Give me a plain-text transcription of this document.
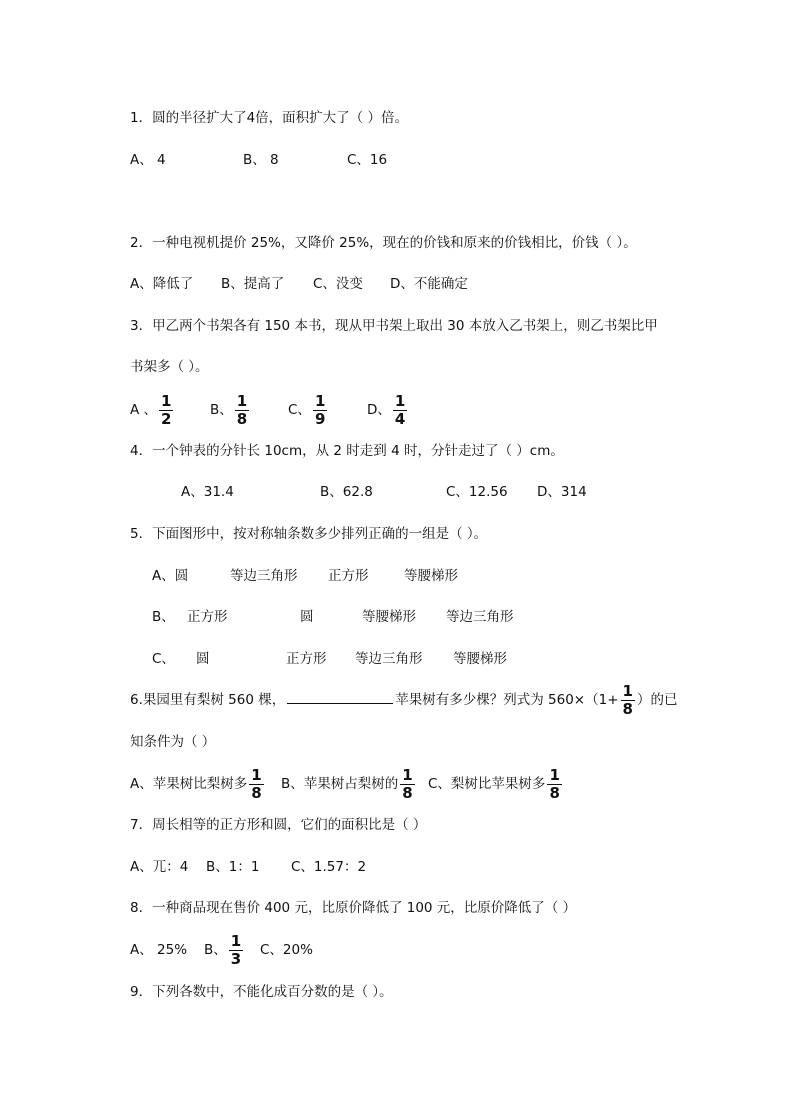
1．圆的半径扩大了4倍，面积扩大了（ ）倍。
A、 4	B、 8	C、16
2．一种电视机提价 25%，又降价 25%，现在的价钱和原来的价钱相比，价钱（ ）。
A、降低了 B、提高了 C、没变 D、不能确定
3．甲乙两个书架各有 150 本书，现从甲书架上取出 30 本放入乙书架上，则乙书架比甲
书架多（ ）。
A 、 $\frac{1}{2}$	B、 $\frac{1}{8}$	C、 $\frac{1}{9}$	D、 $\frac{1}{4}$
4．一个钟表的分针长 10cm，从 2 时走到 4 时，分针走过了（ ）cm。
A、31.4	B、62.8	C、12.56 D、314
5．下面图形中，按对称轴条数多少排列正确的一组是（ ）。
A、圆	等边三角形 正方形	等腰梯形
B、 正方形	圆	等腰梯形 等边三角形
C、 圆	正方形 等边三角形 等腰梯形
6.果园里有梨树 560 棵，	苹果树有多少棵？列式为 $560\times(1+ \frac{1}{8}$ ）的已
知条件为（ ）
A、苹果树比梨树多 $\frac{1}{8}$ B、苹果树占梨树的 $\frac{1}{8}$ C、梨树比苹果树多 $\frac{1}{8}$
7．周长相等的正方形和圆，它们的面积比是（ ）
A、兀：4 B、1：1 C、1.57：2
8．一种商品现在售价 400 元，比原价降低了 100 元，比原价降低了（ ）
A、 25% B、 $\frac{1}{3}$ C、20%
9．下列各数中，不能化成百分数的是（ ）。
